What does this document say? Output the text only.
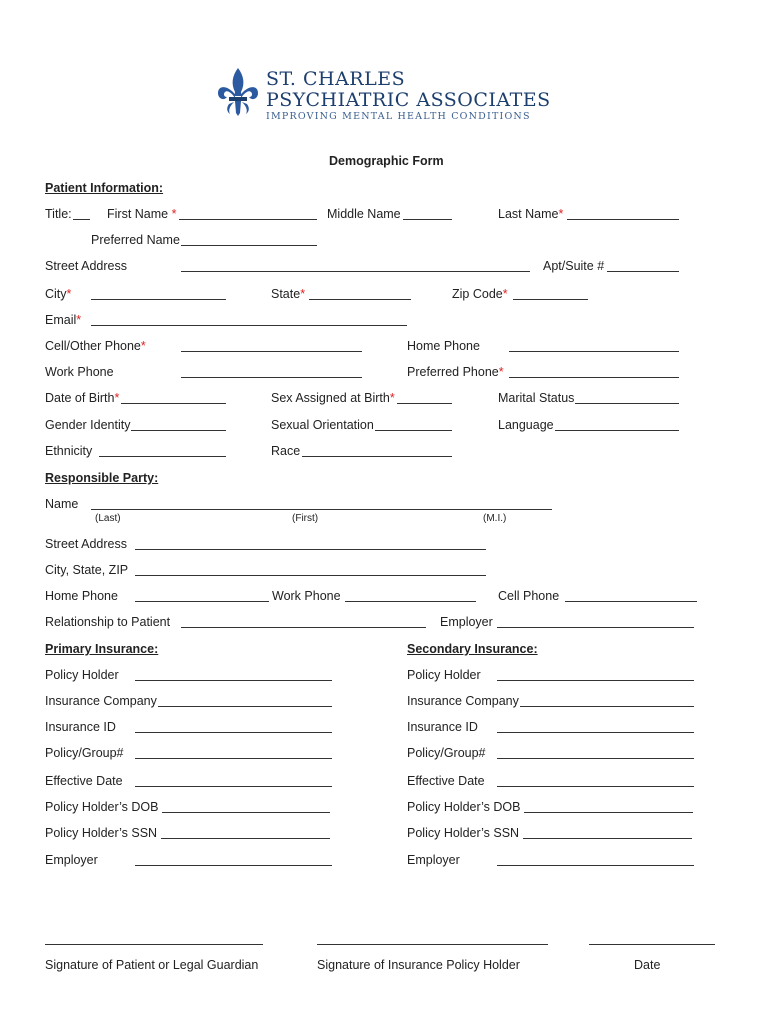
ST. CHARLES
PSYCHIATRIC ASSOCIATES
IMPROVING MENTAL HEALTH CONDITIONS
Demographic Form
Patient Information:
Title:	First Name *	Middle Name	Last Name*
Preferred Name
Street Address	Apt/Suite #
City*	State*	Zip Code*
Email*
Cell/Other Phone*	Home Phone
Work Phone	Preferred Phone*
Date of Birth*	Sex Assigned at Birth*	Marital Status
Gender Identity	Sexual Orientation	Language
Ethnicity	Race
Responsible Party:
Name
(Last)	(First)	(M.I.)
Street Address
City, State, ZIP
Home Phone	Work Phone	Cell Phone
Relationship to Patient	Employer
Primary Insurance:
Policy Holder
Insurance Company
Insurance ID
Policy/Group#
Effective Date
Policy Holder’s DOB
Policy Holder’s SSN
Employer
Secondary Insurance:
Policy Holder
Insurance Company
Insurance ID
Policy/Group#
Effective Date
Policy Holder’s DOB
Policy Holder’s SSN
Employer
Signature of Patient or Legal Guardian	Signature of Insurance Policy Holder	Date
